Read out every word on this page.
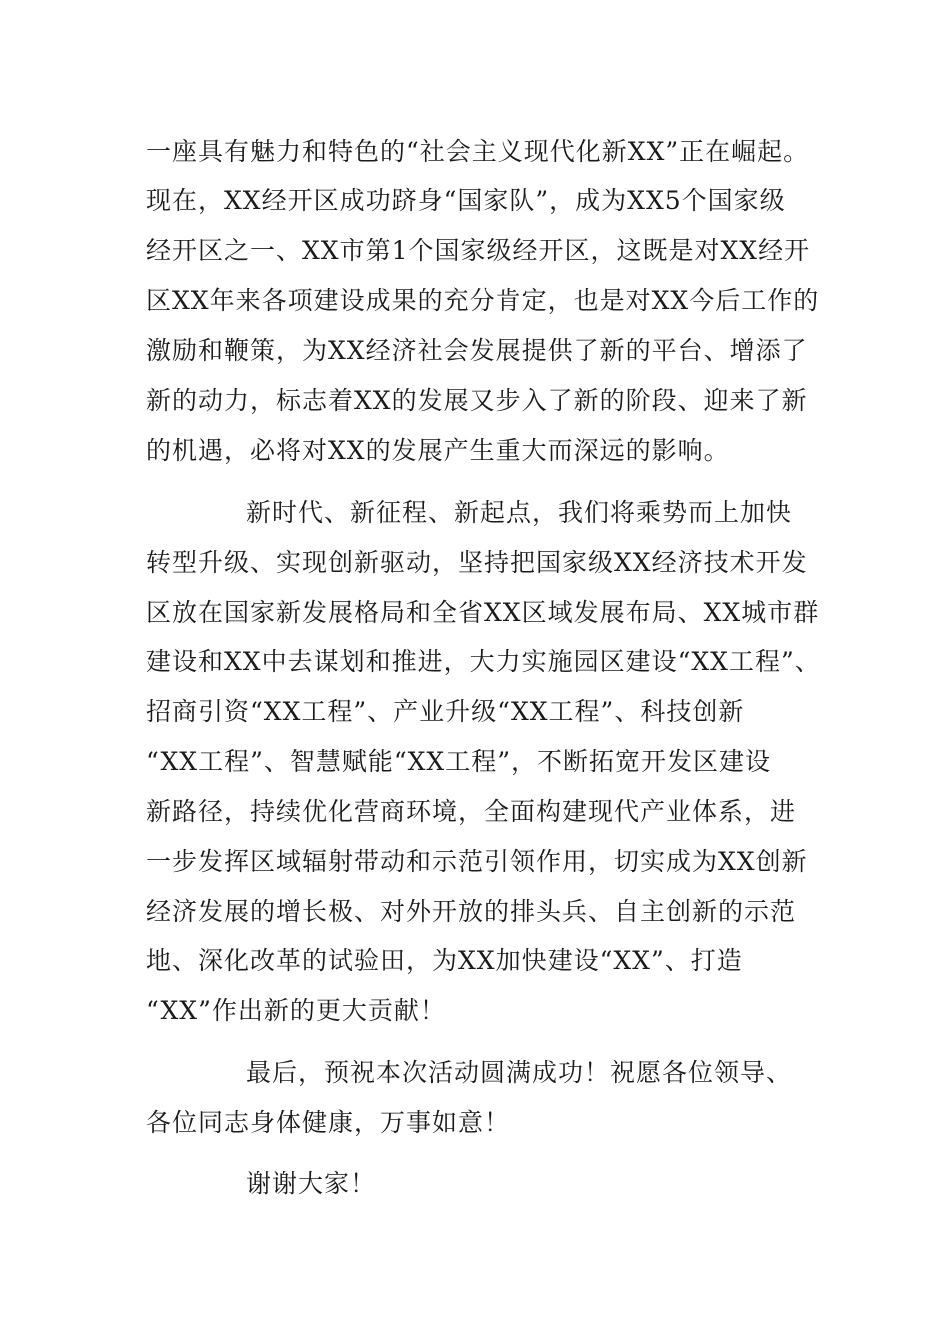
一座具有魅力和特色的“社会主义现代化新XX”正在崛起。
现在，XX经开区成功跻身“国家队”，成为XX5个国家级
经开区之一、XX市第1个国家级经开区，这既是对XX经开
区XX年来各项建设成果的充分肯定，也是对XX今后工作的
激励和鞭策，为XX经济社会发展提供了新的平台、增添了
新的动力，标志着XX的发展又步入了新的阶段、迎来了新
的机遇，必将对XX的发展产生重大而深远的影响。
新时代、新征程、新起点，我们将乘势而上加快
转型升级、实现创新驱动，坚持把国家级XX经济技术开发
区放在国家新发展格局和全省XX区域发展布局、XX城市群
建设和XX中去谋划和推进，大力实施园区建设“XX工程”、
招商引资“XX工程”、产业升级“XX工程”、科技创新
“XX工程”、智慧赋能“XX工程”，不断拓宽开发区建设
新路径，持续优化营商环境，全面构建现代产业体系，进
一步发挥区域辐射带动和示范引领作用，切实成为XX创新
经济发展的增长极、对外开放的排头兵、自主创新的示范
地、深化改革的试验田，为XX加快建设“XX”、打造
“XX”作出新的更大贡献！
最后，预祝本次活动圆满成功！祝愿各位领导、
各位同志身体健康，万事如意！
谢谢大家！
